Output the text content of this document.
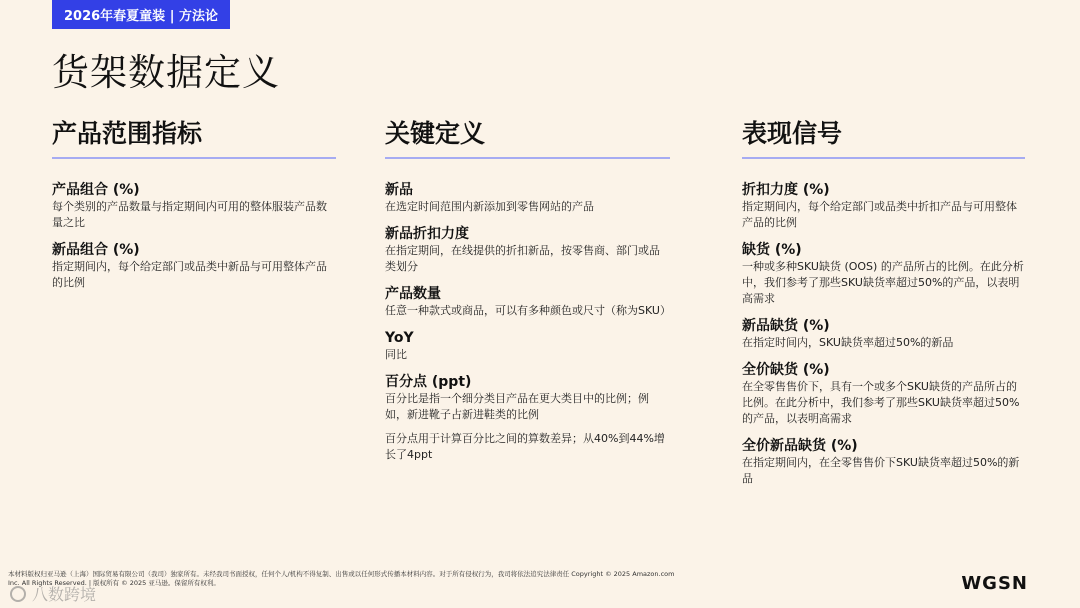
2026年春夏童装 | 方法论
货架数据定义
产品范围指标
产品组合 (%)
每个类别的产品数量与指定期间内可用的整体服装产品数量之比
新品组合 (%)
指定期间内，每个给定部门或品类中新品与可用整体产品的比例
关键定义
新品
在选定时间范围内新添加到零售网站的产品
新品折扣力度
在指定期间，在线提供的折扣新品，按零售商、部门或品类划分
产品数量
任意一种款式或商品，可以有多种颜色或尺寸（称为SKU）
YoY
同比
百分点 (ppt)
百分比是指一个细分类目产品在更大类目中的比例；例如，新进靴子占新进鞋类的比例
百分点用于计算百分比之间的算数差异；从40%到44%增长了4ppt
表现信号
折扣力度 (%)
指定期间内，每个给定部门或品类中折扣产品与可用整体产品的比例
缺货 (%)
一种或多种SKU缺货 (OOS) 的产品所占的比例。在此分析中，我们参考了那些SKU缺货率超过50%的产品，以表明高需求
新品缺货 (%)
在指定时间内，SKU缺货率超过50%的新品
全价缺货 (%)
在全零售售价下，具有一个或多个SKU缺货的产品所占的比例。在此分析中，我们参考了那些SKU缺货率超过50%的产品，以表明高需求
全价新品缺货 (%)
在指定期间内，在全零售售价下SKU缺货率超过50%的新品
本材料版权归亚马逊（上海）国际贸易有限公司（我司）独家所有。未经我司书面授权，任何个人/机构不得复制、出售或以任何形式传播本材料内容。对于所有侵权行为，我司将依法追究法律责任 Copyright © 2025 Amazon.com Inc. All Rights Reserved. | 版权所有 © 2025 亚马逊。保留所有权利。
八数跨境
WGSN
